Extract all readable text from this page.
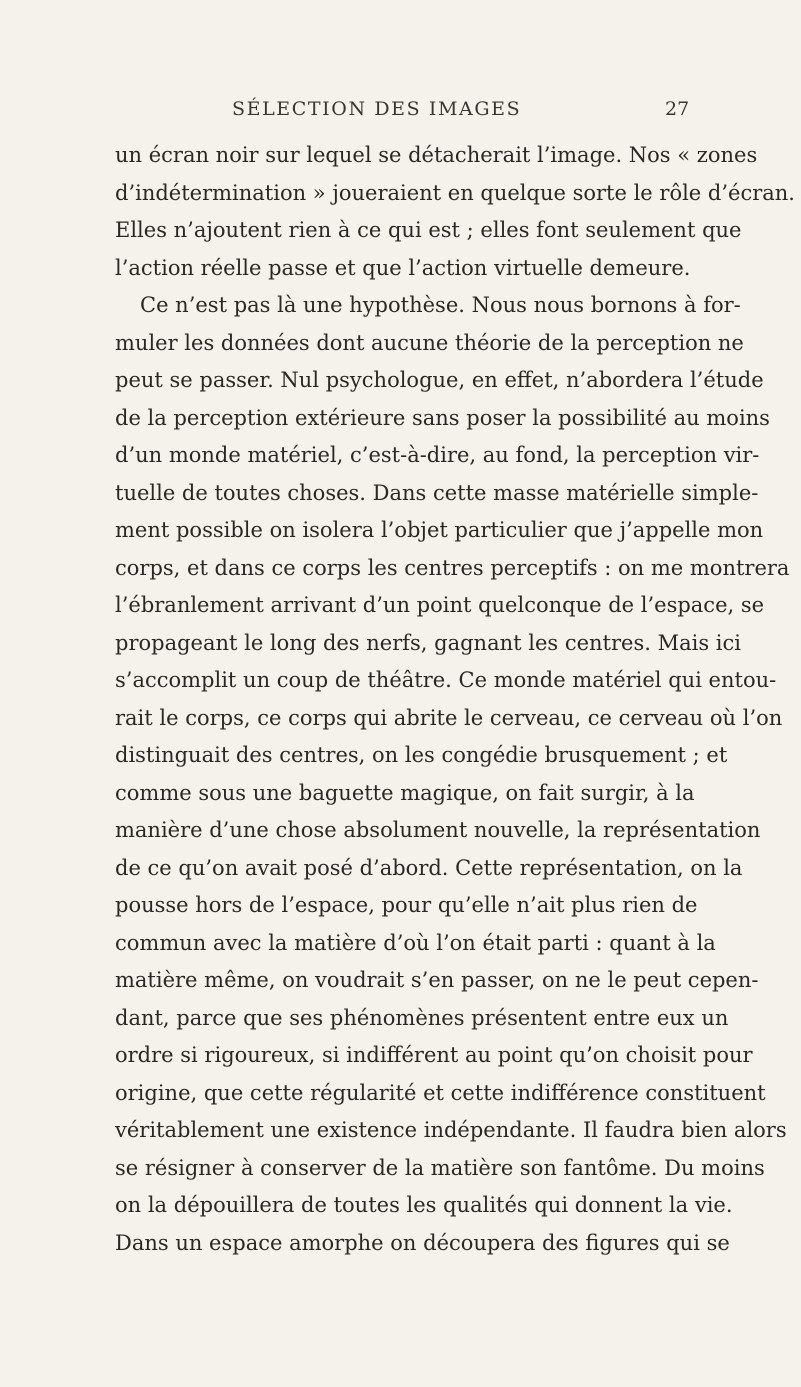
SÉLECTION DES IMAGES	27
un écran noir sur lequel se détacherait l’image. Nos « zones
d’indétermination » joueraient en quelque sorte le rôle d’écran.
Elles n’ajoutent rien à ce qui est ; elles font seulement que
l’action réelle passe et que l’action virtuelle demeure.
Ce n’est pas là une hypothèse. Nous nous bornons à for-
muler les données dont aucune théorie de la perception ne
peut se passer. Nul psychologue, en effet, n’abordera l’étude
de la perception extérieure sans poser la possibilité au moins
d’un monde matériel, c’est-à-dire, au fond, la perception vir-
tuelle de toutes choses. Dans cette masse matérielle simple-
ment possible on isolera l’objet particulier que j’appelle mon
corps, et dans ce corps les centres perceptifs : on me montrera
l’ébranlement arrivant d’un point quelconque de l’espace, se
propageant le long des nerfs, gagnant les centres. Mais ici
s’accomplit un coup de théâtre. Ce monde matériel qui entou-
rait le corps, ce corps qui abrite le cerveau, ce cerveau où l’on
distinguait des centres, on les congédie brusquement ; et
comme sous une baguette magique, on fait surgir, à la
manière d’une chose absolument nouvelle, la représentation
de ce qu’on avait posé d’abord. Cette représentation, on la
pousse hors de l’espace, pour qu’elle n’ait plus rien de
commun avec la matière d’où l’on était parti : quant à la
matière même, on voudrait s’en passer, on ne le peut cepen-
dant, parce que ses phénomènes présentent entre eux un
ordre si rigoureux, si indifférent au point qu’on choisit pour
origine, que cette régularité et cette indifférence constituent
véritablement une existence indépendante. Il faudra bien alors
se résigner à conserver de la matière son fantôme. Du moins
on la dépouillera de toutes les qualités qui donnent la vie.
Dans un espace amorphe on découpera des figures qui se
